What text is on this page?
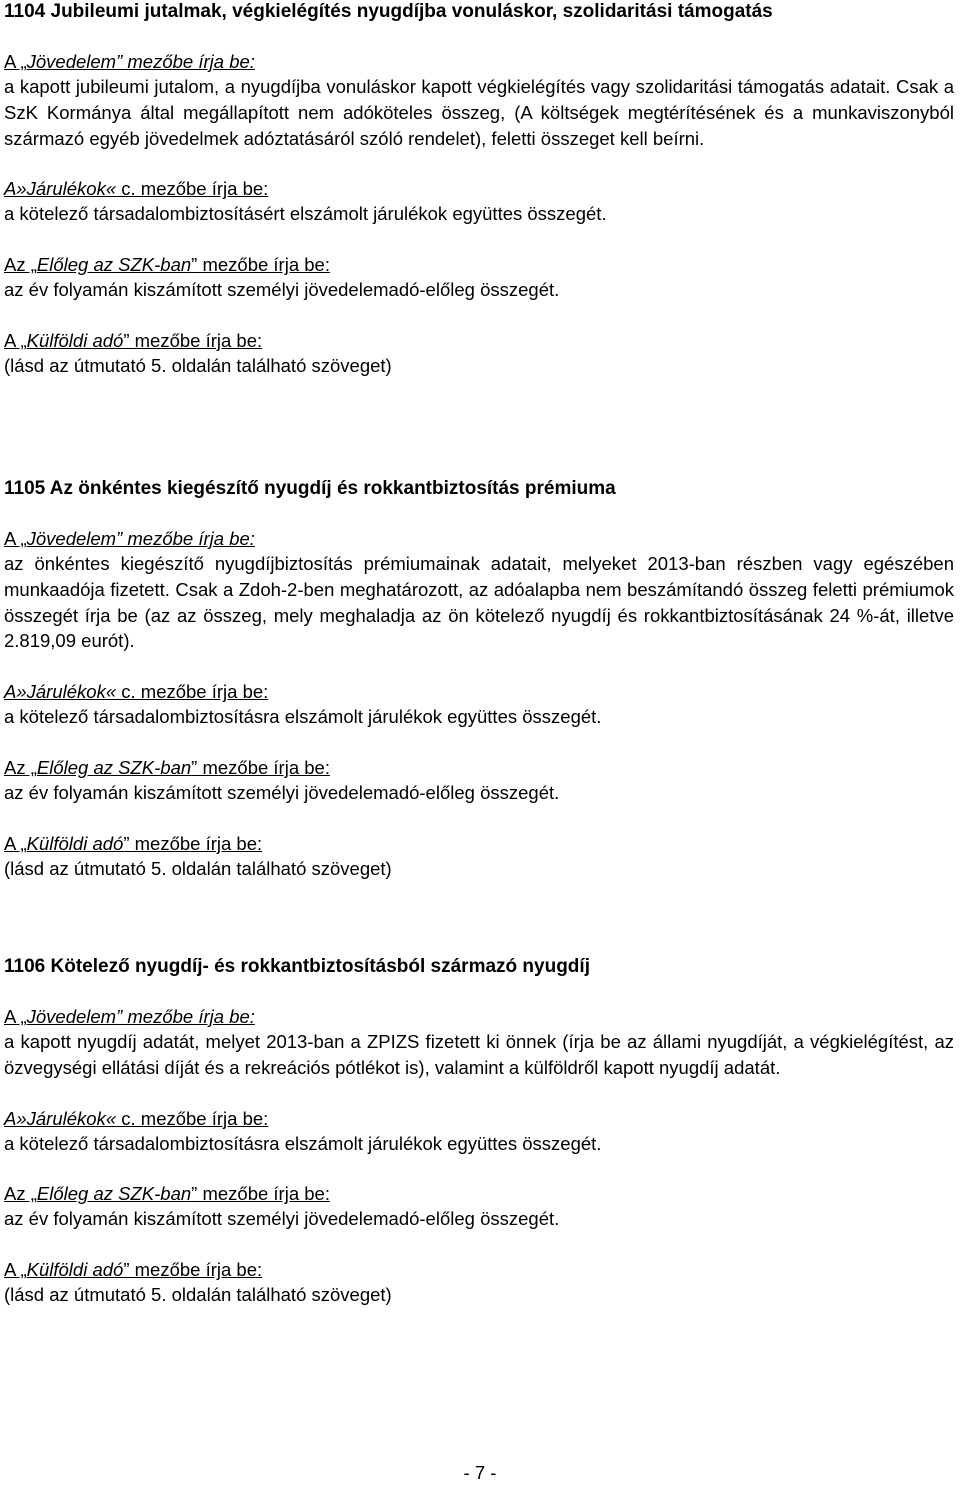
1104 Jubileumi jutalmak, végkielégítés nyugdíjba vonuláskor, szolidaritási támogatás

A „Jövedelem” mezőbe írja be:

a kapott jubileumi jutalom, a nyugdíjba vonuláskor kapott végkielégítés vagy szolidaritási támogatás adatait. Csak a SzK Kormánya által megállapított nem adóköteles összeg, (A költségek megtérítésének és a munkaviszonyból származó egyéb jövedelmek adóztatásáról szóló rendelet), feletti összeget kell beírni.

A»Járulékok« c. mezőbe írja be:

a kötelező társadalombiztosításért elszámolt járulékok együttes összegét.

Az „Előleg az SZK-ban” mezőbe írja be:

az év folyamán kiszámított személyi jövedelemadó-előleg összegét.

A „Külföldi adó” mezőbe írja be:

(lásd az útmutató 5. oldalán található szöveget)

1105 Az önkéntes kiegészítő nyugdíj és rokkantbiztosítás prémiuma

A „Jövedelem” mezőbe írja be:

az önkéntes kiegészítő nyugdíjbiztosítás prémiumainak adatait, melyeket 2013-ban részben vagy egészében munkaadója fizetett. Csak a Zdoh-2-ben meghatározott, az adóalapba nem beszámítandó összeg feletti prémiumok összegét írja be (az az összeg, mely meghaladja az ön kötelező nyugdíj és rokkantbiztosításának 24 %-át, illetve 2.819,09 eurót).

A»Járulékok« c. mezőbe írja be:

a kötelező társadalombiztosításra elszámolt járulékok együttes összegét.

Az „Előleg az SZK-ban” mezőbe írja be:

az év folyamán kiszámított személyi jövedelemadó-előleg összegét.

A „Külföldi adó” mezőbe írja be:

(lásd az útmutató 5. oldalán található szöveget)

1106 Kötelező nyugdíj- és rokkantbiztosításból származó nyugdíj

A „Jövedelem” mezőbe írja be:

a kapott nyugdíj adatát, melyet 2013-ban a ZPIZS fizetett ki önnek (írja be az állami nyugdíját, a végkielégítést, az özvegységi ellátási díját és a rekreációs pótlékot is), valamint a külföldről kapott nyugdíj adatát.

A»Járulékok« c. mezőbe írja be:

a kötelező társadalombiztosításra elszámolt járulékok együttes összegét.

Az „Előleg az SZK-ban” mezőbe írja be:

az év folyamán kiszámított személyi jövedelemadó-előleg összegét.

A „Külföldi adó” mezőbe írja be:

(lásd az útmutató 5. oldalán található szöveget)

- 7 -
